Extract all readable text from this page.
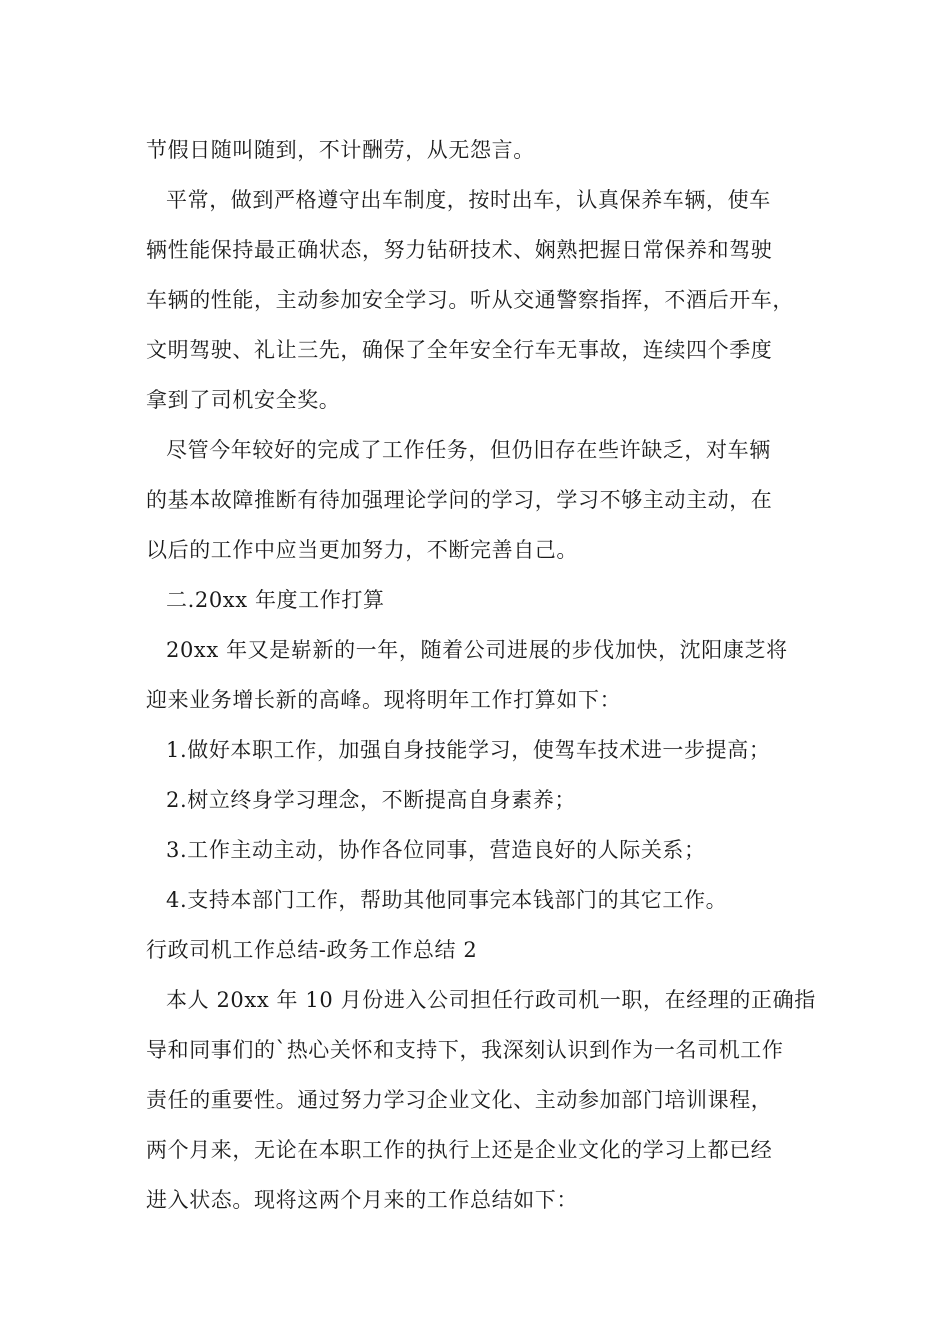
节假日随叫随到，不计酬劳，从无怨言。
平常，做到严格遵守出车制度，按时出车，认真保养车辆，使车
辆性能保持最正确状态，努力钻研技术、娴熟把握日常保养和驾驶
车辆的性能，主动参加安全学习。听从交通警察指挥，不酒后开车，
文明驾驶、礼让三先，确保了全年安全行车无事故，连续四个季度
拿到了司机安全奖。
尽管今年较好的完成了工作任务，但仍旧存在些许缺乏，对车辆
的基本故障推断有待加强理论学问的学习，学习不够主动主动，在
以后的工作中应当更加努力，不断完善自己。
二.20xx 年度工作打算
20xx 年又是崭新的一年，随着公司进展的步伐加快，沈阳康芝将
迎来业务增长新的高峰。现将明年工作打算如下：
1.做好本职工作，加强自身技能学习，使驾车技术进一步提高；
2.树立终身学习理念，不断提高自身素养；
3.工作主动主动，协作各位同事，营造良好的人际关系；
4.支持本部门工作，帮助其他同事完本钱部门的其它工作。
行政司机工作总结-政务工作总结 2
本人 20xx 年 10 月份进入公司担任行政司机一职，在经理的正确指
导和同事们的`热心关怀和支持下，我深刻认识到作为一名司机工作
责任的重要性。通过努力学习企业文化、主动参加部门培训课程，
两个月来，无论在本职工作的执行上还是企业文化的学习上都已经
进入状态。现将这两个月来的工作总结如下：
